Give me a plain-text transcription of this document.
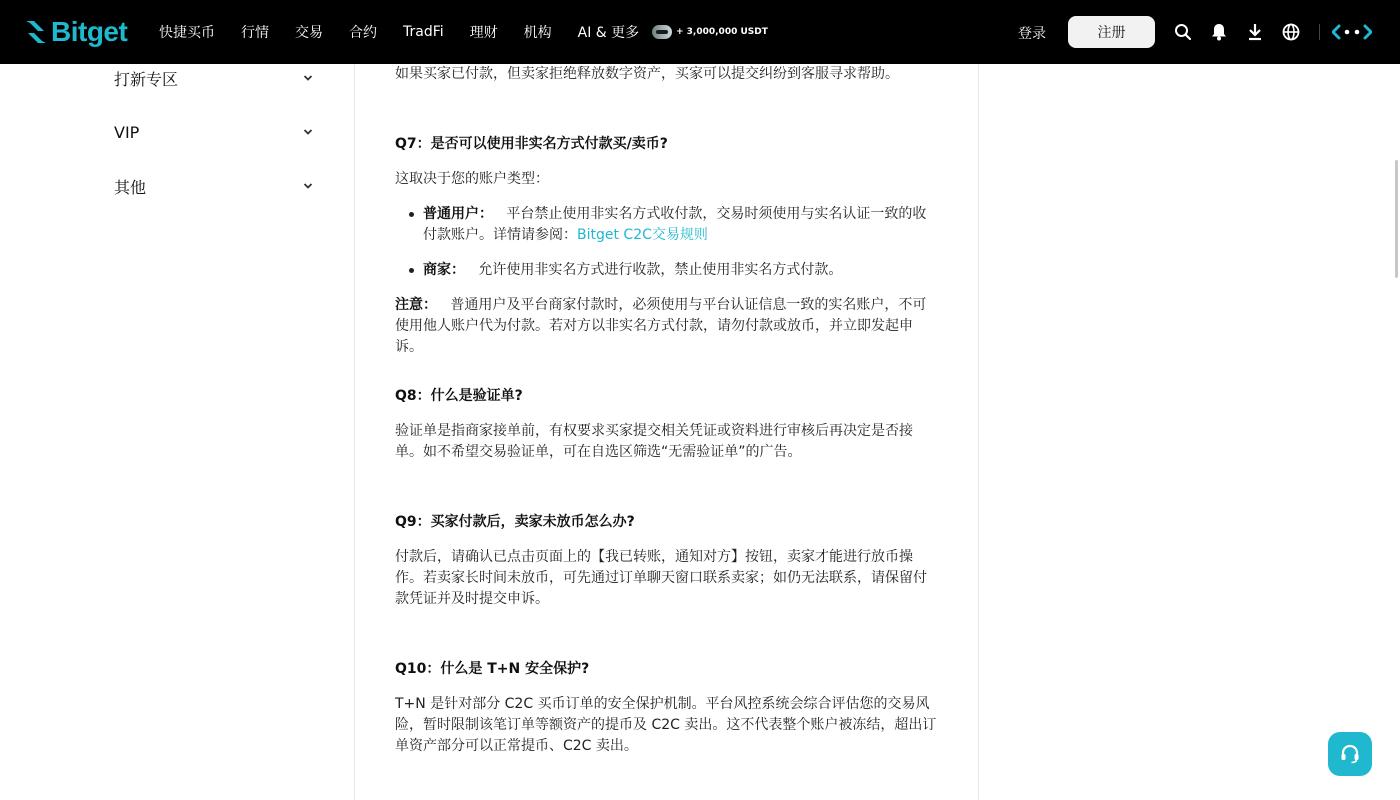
Bitget 快捷买币 行情 交易 合约 TradFi 理财 机构 AI & 更多	+ 3,000,000 USDT	登录	注册
打新专区
VIP
其他

如果买家已付款，但卖家拒绝释放数字资产，买家可以提交纠纷到客服寻求帮助。

Q7：是否可以使用非实名方式付款买/卖币?

这取决于您的账户类型：

普通用户： 平台禁止使用非实名方式收付款，交易时须使用与实名认证一致的收付款账户。详情请参阅：Bitget C2C交易规则
商家： 允许使用非实名方式进行收款，禁止使用非实名方式付款。

注意： 普通用户及平台商家付款时，必须使用与平台认证信息一致的实名账户，不可使用他人账户代为付款。若对方以非实名方式付款，请勿付款或放币，并立即发起申诉。

Q8：什么是验证单?

验证单是指商家接单前，有权要求买家提交相关凭证或资料进行审核后再决定是否接单。如不希望交易验证单，可在自选区筛选“无需验证单”的广告。

Q9：买家付款后，卖家未放币怎么办?

付款后，请确认已点击页面上的【我已转账，通知对方】按钮，卖家才能进行放币操作。若卖家长时间未放币，可先通过订单聊天窗口联系卖家；如仍无法联系，请保留付款凭证并及时提交申诉。

Q10：什么是 T+N 安全保护?

T+N 是针对部分 C2C 买币订单的安全保护机制。平台风控系统会综合评估您的交易风险，暂时限制该笔订单等额资产的提币及 C2C 卖出。这不代表整个账户被冻结，超出订单资产部分可以正常提币、C2C 卖出。
